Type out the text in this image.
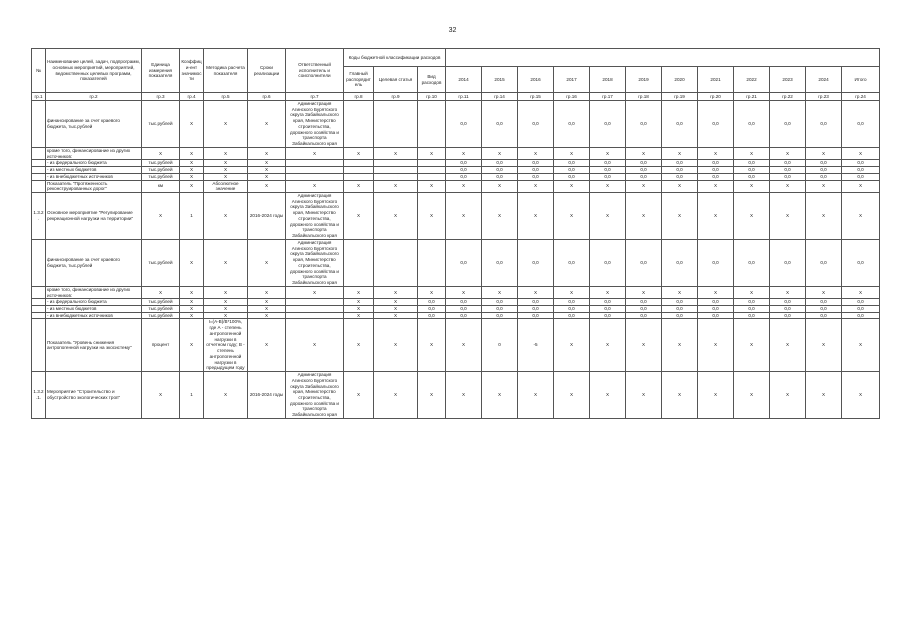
32
№	Наименование целей, задач, подпрограмм, основных мероприятий, мероприятий, ведомственных целевых программ, показателей	Единица измерения показателя	Коэффици-ент значимости	Методика расчета показателя	Сроки реализации	Ответственный исполнитель и соисполнители	Коды бюджетной классификации расходов														
							Главный распорядитель	Целевая статья	Вид расходов	2014	2015	2016	2017	2018	2019	2020	2021	2022	2023	2024	Итого
гр.1	гр.2	гр.3	гр.4	гр.5	гр.6	гр.7	гр.8	гр.9	гр.10	гр.11	гр.14	гр.15	гр.16	гр.17	гр.18	гр.19	гр.20	гр.21	гр.22	гр.23	гр.24
	финансирование за счет краевого бюджета, тыс.рублей	тыс.рублей	X	X	X	Администрация Агинского Бурятского округа Забайкальского края, Министерство строительства, дорожного хозяйства и транспорта Забайкальского края				0,0	0,0	0,0	0,0	0,0	0,0	0,0	0,0	0,0	0,0	0,0	0,0
	кроме того, финансирование из других источников:	X	X	X	X	X	X	X	X	X	X	X	X	X	X	X	X	X	X	X	X
	- из федерального бюджета	тыс.рублей	X	X	X					0,0	0,0	0,0	0,0	0,0	0,0	0,0	0,0	0,0	0,0	0,0	0,0
	- из местных бюджетов	тыс.рублей	X	X	X					0,0	0,0	0,0	0,0	0,0	0,0	0,0	0,0	0,0	0,0	0,0	0,0
	- из внебюджетных источников	тыс.рублей	X	X	X					0,0	0,0	0,0	0,0	0,0	0,0	0,0	0,0	0,0	0,0	0,0	0,0
	Показатель "Протяженность реконструированных дорог"	км	X	Абсолютное значение	X	X	X	X	X	X	X	X	X	X	X	X	X	X	X	X	X
1.3.2.	Основное мероприятие "Регулирование рекреационной нагрузки на территории"	X	1	X	2016-2024 годы	Администрация Агинского Бурятского округа Забайкальского края, Министерство строительства, дорожного хозяйства и транспорта Забайкальского края	X	X	X	X	X	X	X	X	X	X	X	X	X	X	X
	финансирование за счет краевого бюджета, тыс.рублей	тыс.рублей	X	X	X	Администрация Агинского Бурятского округа Забайкальского края, Министерство строительства, дорожного хозяйства и транспорта Забайкальского края				0,0	0,0	0,0	0,0	0,0	0,0	0,0	0,0	0,0	0,0	0,0	0,0
	кроме того, финансирование из других источников:	X	X	X	X	X	X	X	X	X	X	X	X	X	X	X	X	X	X	X	X
	- из федерального бюджета	тыс.рублей	X	X	X		X	X	0,0	0,0	0,0	0,0	0,0	0,0	0,0	0,0	0,0	0,0	0,0	0,0	0,0
	- из местных бюджетов	тыс.рублей	X	X	X		X	X	0,0	0,0	0,0	0,0	0,0	0,0	0,0	0,0	0,0	0,0	0,0	0,0	0,0
	- из внебюджетных источников	тыс.рублей	X	X	X		X	X	0,0	0,0	0,0	0,0	0,0	0,0	0,0	0,0	0,0	0,0	0,0	0,0	0,0
	Показатель "Уровень снижения антропогенной нагрузки на экосистему"	процент	X	I=(A-B)/B*100%, где А - степень антропогенной нагрузки в отчетном году; В - степень антропогенной нагрузки в предыдущем году	X	X	X	X	X	X	0	-5	X	X	X	X	X	X	X	X	X
1.3.2.1.	Мероприятие "Строительство и обустройство экологических троп"	X	1	X	2016-2024 годы	Администрация Агинского Бурятского округа Забайкальского края, Министерство строительства, дорожного хозяйства и транспорта Забайкальского края	X	X	X	X	X	X	X	X	X	X	X	X	X	X	X
